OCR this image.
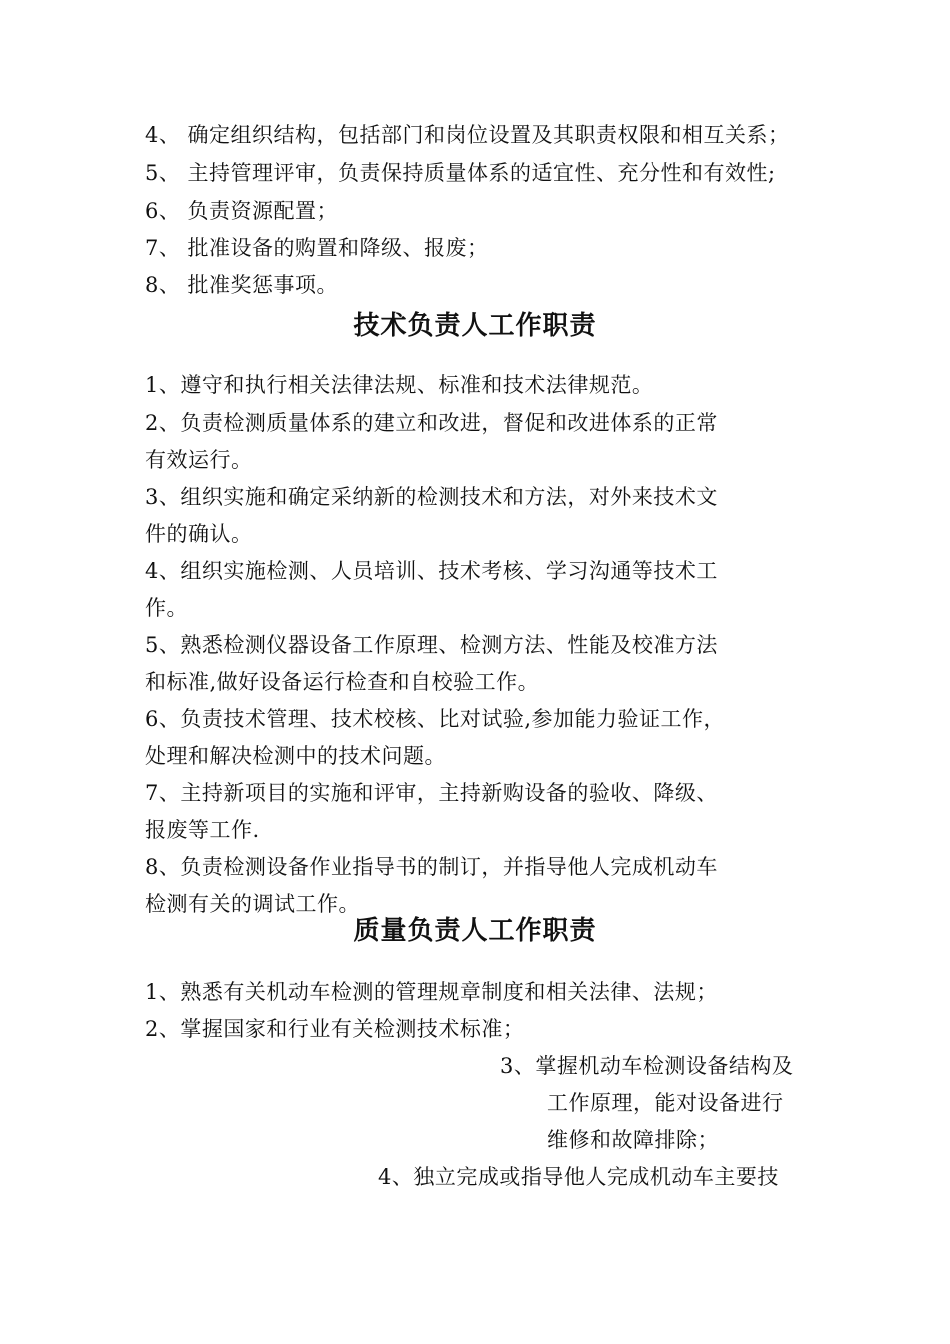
4、 确定组织结构，包括部门和岗位设置及其职责权限和相互关系；
5、 主持管理评审，负责保持质量体系的适宜性、充分性和有效性;
6、 负责资源配置；
7、 批准设备的购置和降级、报废；
8、 批准奖惩事项。
技术负责人工作职责
1、遵守和执行相关法律法规、标准和技术法律规范。
2、负责检测质量体系的建立和改进，督促和改进体系的正常
有效运行。
3、组织实施和确定采纳新的检测技术和方法，对外来技术文
件的确认。
4、组织实施检测、人员培训、技术考核、学习沟通等技术工
作。
5、熟悉检测仪器设备工作原理、检测方法、性能及校准方法
和标准,做好设备运行检查和自校验工作。
6、负责技术管理、技术校核、比对试验,参加能力验证工作，
处理和解决检测中的技术问题。
7、主持新项目的实施和评审，主持新购设备的验收、降级、
报废等工作.
8、负责检测设备作业指导书的制订，并指导他人完成机动车
检测有关的调试工作。
质量负责人工作职责
1、熟悉有关机动车检测的管理规章制度和相关法律、法规；
2、掌握国家和行业有关检测技术标准；
3、掌握机动车检测设备结构及
工作原理，能对设备进行
维修和故障排除；
4、独立完成或指导他人完成机动车主要技
